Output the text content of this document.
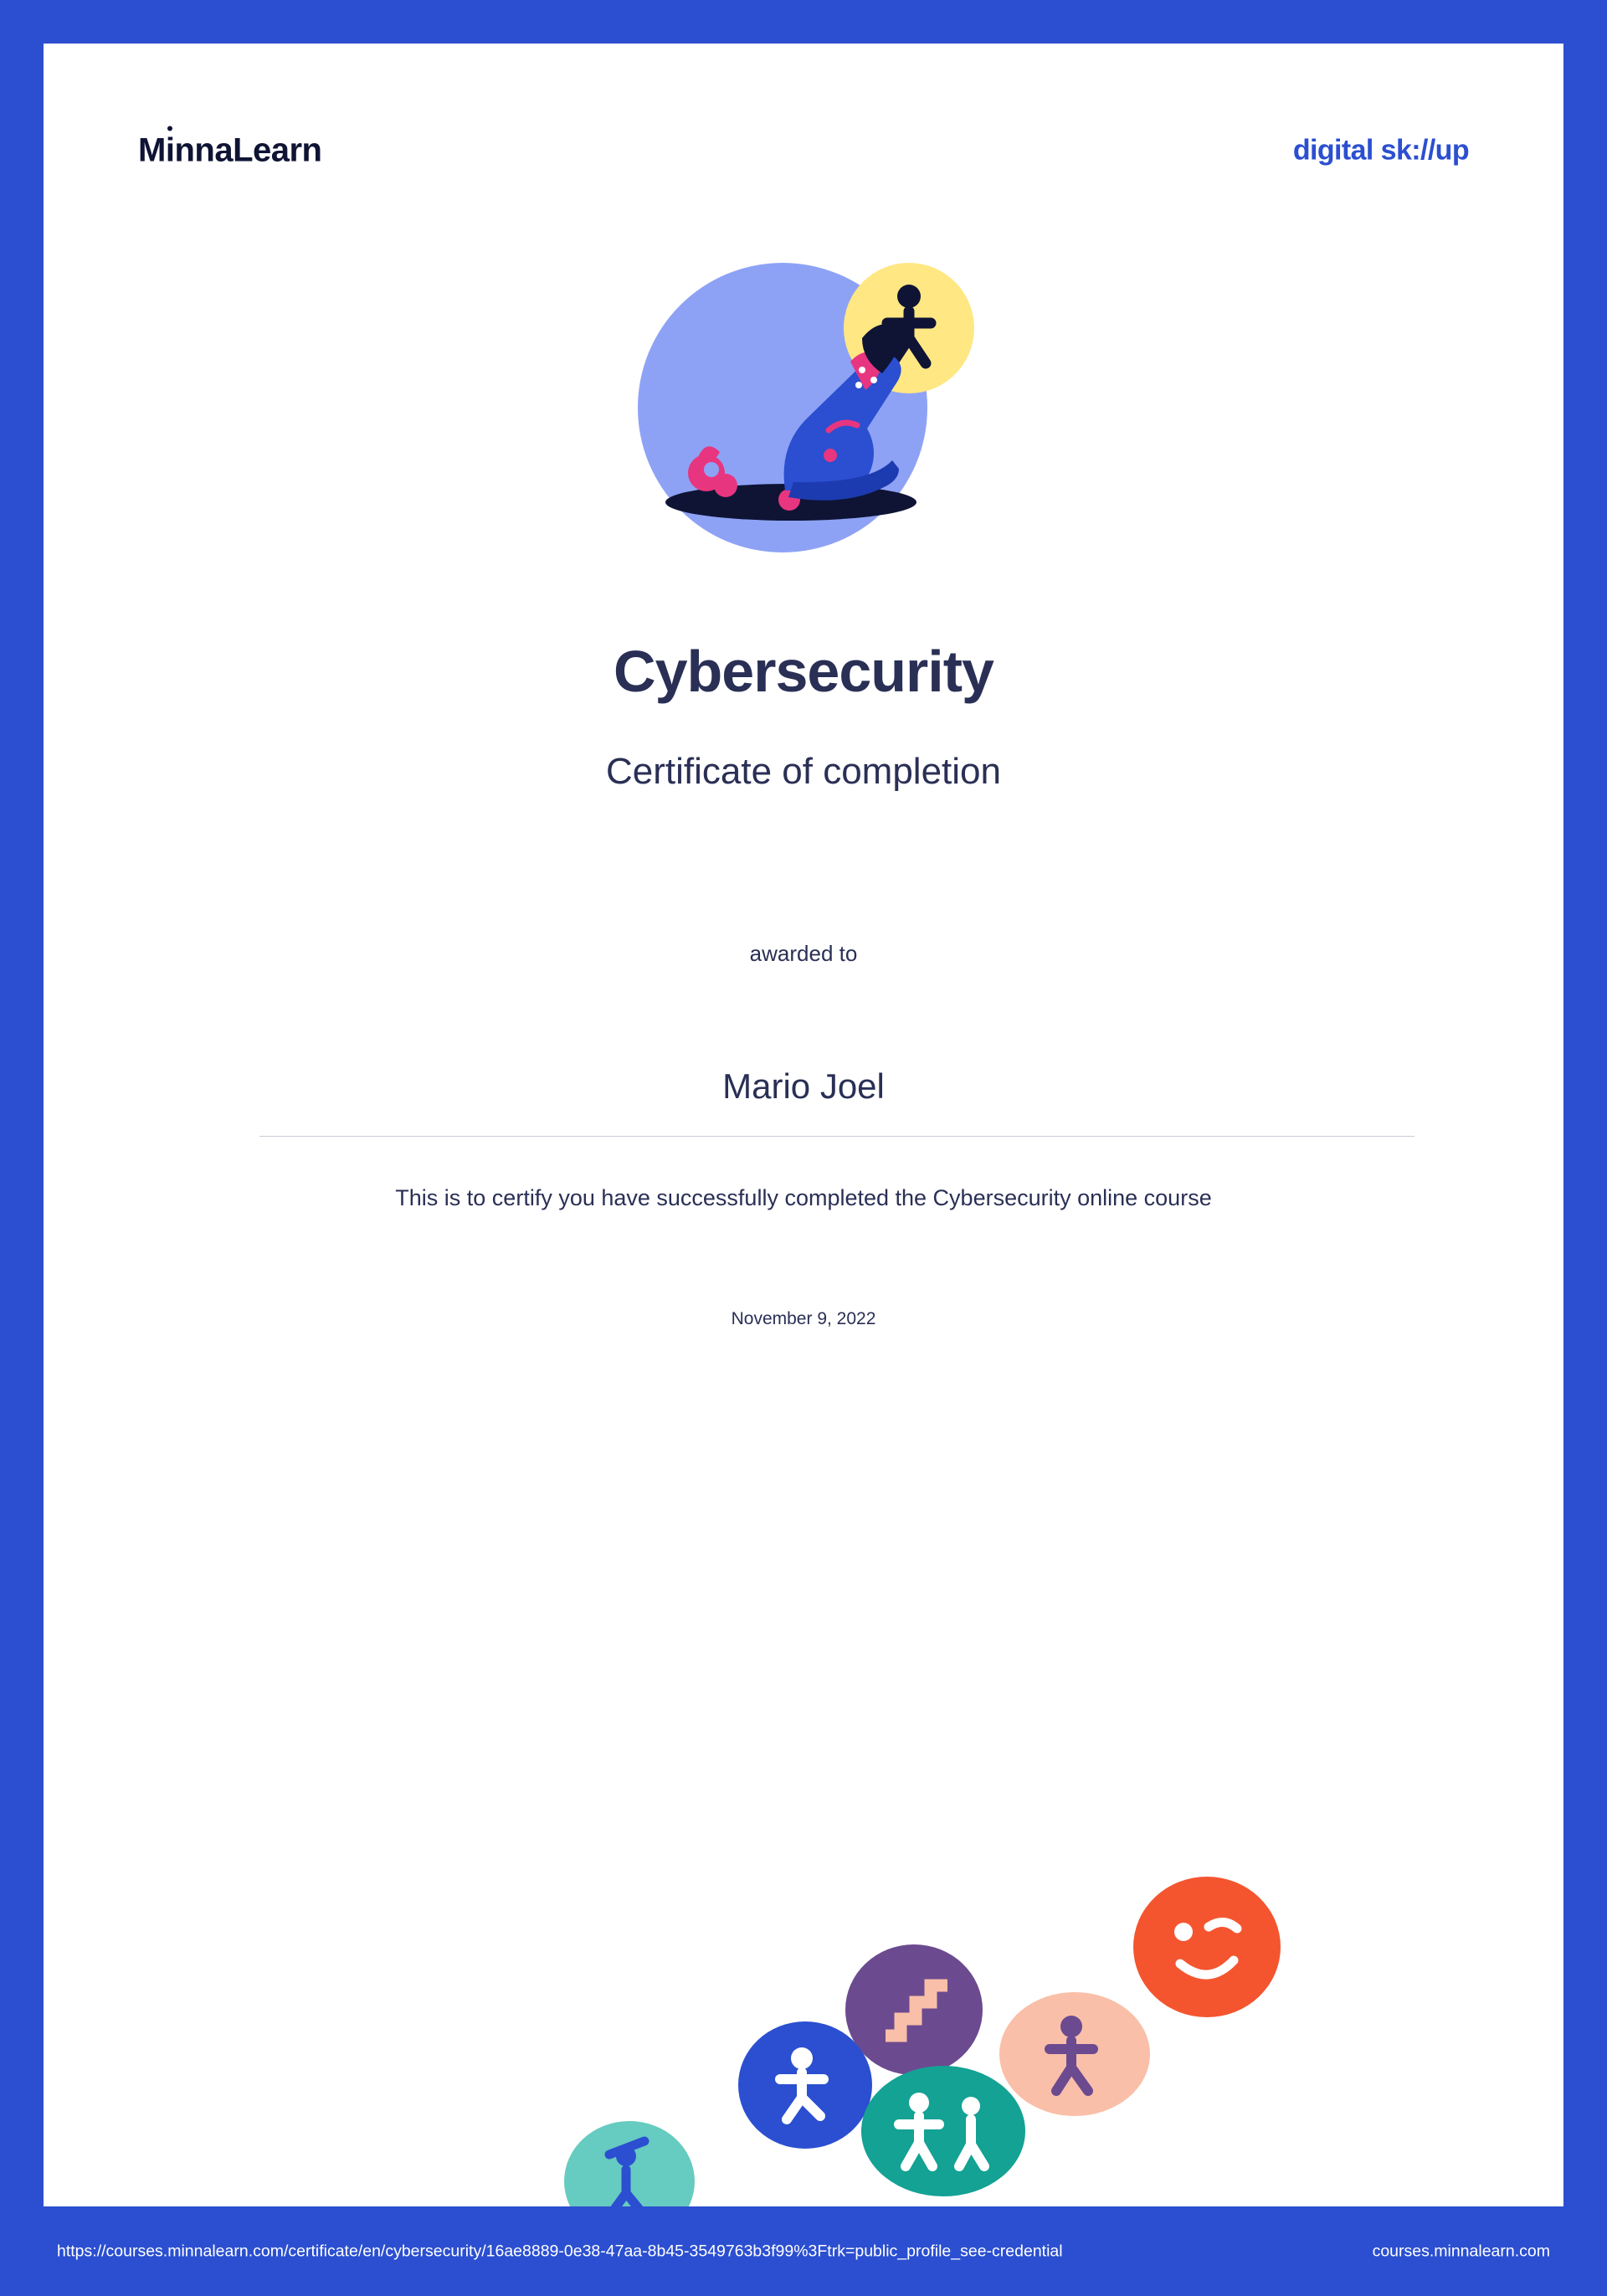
MinnaLearn	digital sk://up
Cybersecurity
Certificate of completion
awarded to
Mario Joel
This is to certify you have successfully completed the Cybersecurity online course
November 9, 2022
https://courses.minnalearn.com/certificate/en/cybersecurity/16ae8889-0e38-47aa-8b45-3549763b3f99%3Ftrk=public_profile_see-credential	courses.minnalearn.com
